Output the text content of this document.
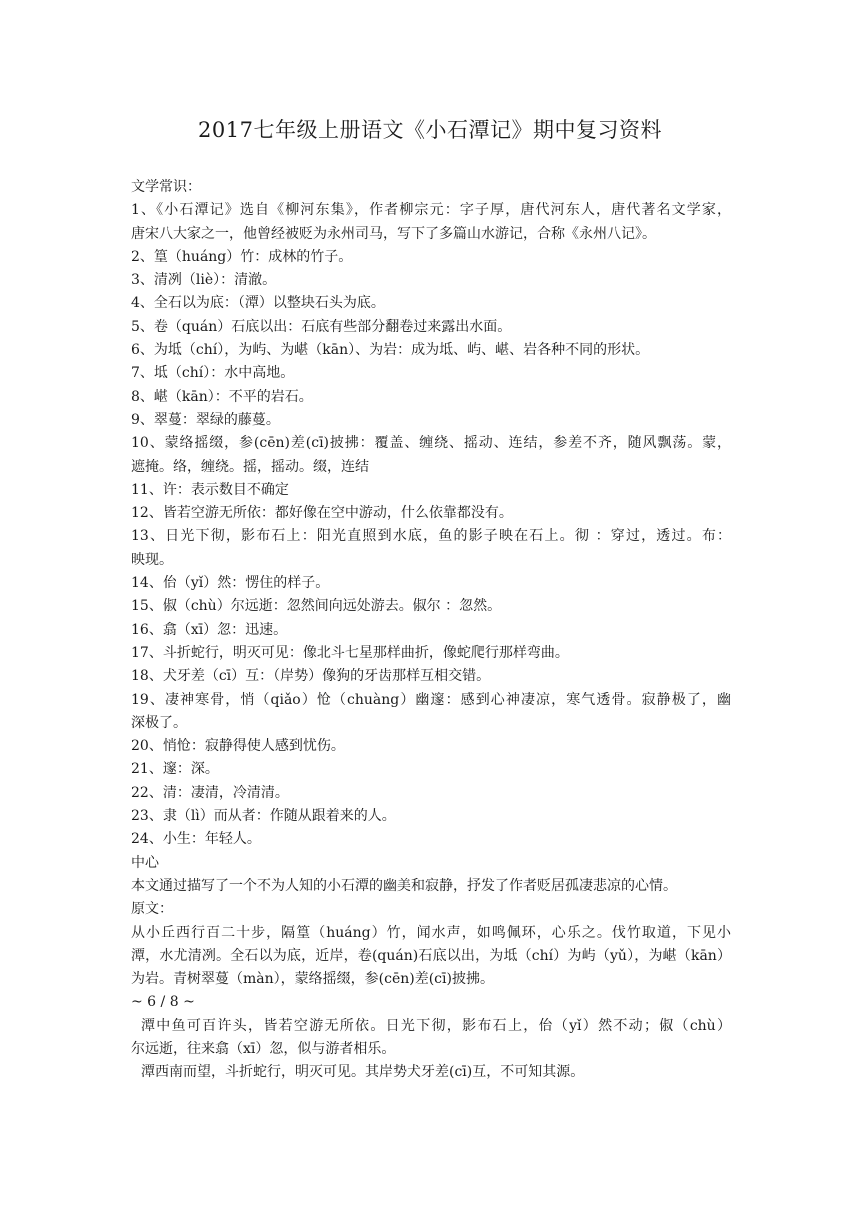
2017七年级上册语文《小石潭记》期中复习资料
文学常识：
1、《小石潭记》选自《柳河东集》，作者柳宗元：字子厚，唐代河东人，唐代著名文学家，
唐宋八大家之一，他曾经被贬为永州司马，写下了多篇山水游记，合称《永州八记》。
2、篁（huáng）竹：成林的竹子。
3、清冽（liè）：清澈。
4、全石以为底：（潭）以整块石头为底。
5、卷（quán）石底以出：石底有些部分翻卷过来露出水面。
6、为坻（chí），为屿、为嵁（kān）、为岩：成为坻、屿、嵁、岩各种不同的形状。
7、坻（chí）：水中高地。
8、嵁（kān）：不平的岩石。
9、翠蔓：翠绿的藤蔓。
10、蒙络摇缀，参(cēn)差(cī)披拂：覆盖、缠绕、摇动、连结，参差不齐，随风飘荡。蒙，
遮掩。络，缠绕。摇，摇动。缀，连结
11、许：表示数目不确定
12、皆若空游无所依：都好像在空中游动，什么依靠都没有。
13、日光下彻，影布石上：阳光直照到水底，鱼的影子映在石上。彻 ：穿过，透过。布：
映现。
14、佁（yǐ）然：愣住的样子。
15、俶（chù）尔远逝：忽然间向远处游去。俶尔 ：忽然。
16、翕（xī）忽：迅速。
17、斗折蛇行，明灭可见：像北斗七星那样曲折，像蛇爬行那样弯曲。
18、犬牙差（cī）互：（岸势）像狗的牙齿那样互相交错。
19、凄神寒骨，悄（qiǎo）怆（chuàng）幽邃：感到心神凄凉，寒气透骨。寂静极了，幽
深极了。
20、悄怆：寂静得使人感到忧伤。
21、邃：深。
22、清：凄清，冷清清。
23、隶（lì）而从者：作随从跟着来的人。
24、小生：年轻人。
中心
本文通过描写了一个不为人知的小石潭的幽美和寂静，抒发了作者贬居孤凄悲凉的心情。
原文：
从小丘西行百二十步，隔篁（huáng）竹，闻水声，如鸣佩环，心乐之。伐竹取道，下见小
潭，水尤清冽。全石以为底，近岸，卷(quán)石底以出，为坻（chí）为屿（yǔ），为嵁（kān）
为岩。青树翠蔓（màn），蒙络摇缀，参(cēn)差(cī)披拂。
~ 6 / 8 ~
潭中鱼可百许头，皆若空游无所依。日光下彻，影布石上，佁（yǐ）然不动；俶（chù）
尔远逝，往来翕（xī）忽，似与游者相乐。
潭西南而望，斗折蛇行，明灭可见。其岸势犬牙差(cī)互，不可知其源。
